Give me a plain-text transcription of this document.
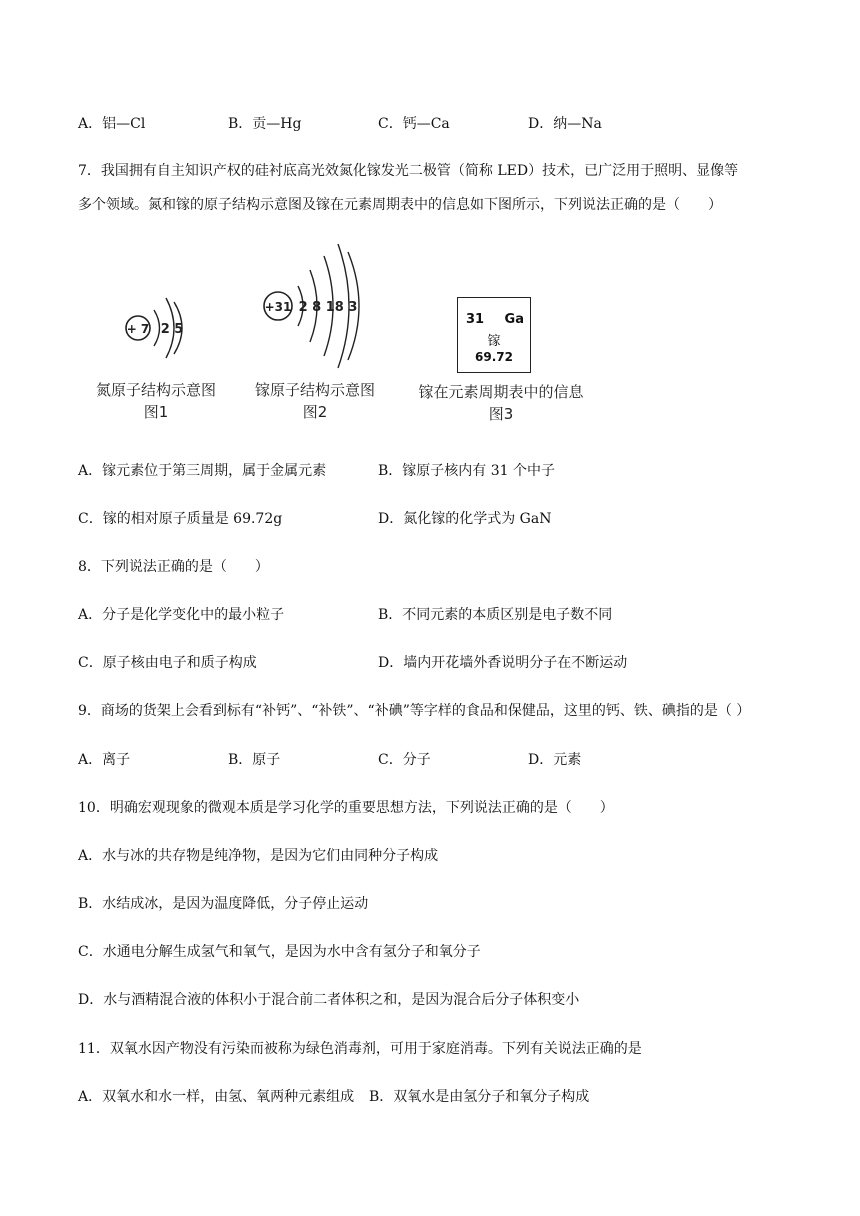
A．铝—Cl	B．贡—Hg	C．钙—Ca	D．纳—Na
7．我国拥有自主知识产权的硅衬底高光效氮化镓发光二极管（简称 LED）技术，已广泛用于照明、显像等
多个领域。氮和镓的原子结构示意图及镓在元素周期表中的信息如下图所示，下列说法正确的是（　　）
+ 7 2 5
氮原子结构示意图
图1
+31 2 8 18 3
镓原子结构示意图
图2
31 Ga
镓
69.72
镓在元素周期表中的信息
图3
A．镓元素位于第三周期，属于金属元素	B．镓原子核内有 31 个中子
C．镓的相对原子质量是 69.72g	D．氮化镓的化学式为 GaN
8．下列说法正确的是（　　）
A．分子是化学变化中的最小粒子	B．不同元素的本质区别是电子数不同
C．原子核由电子和质子构成	D．墙内开花墙外香说明分子在不断运动
9．商场的货架上会看到标有“补钙”、“补铁”、“补碘”等字样的食品和保健品，这里的钙、铁、碘指的是（ ）
A．离子	B．原子	C．分子	D．元素
10．明确宏观现象的微观本质是学习化学的重要思想方法，下列说法正确的是（　　）
A．水与冰的共存物是纯净物，是因为它们由同种分子构成
B．水结成冰，是因为温度降低，分子停止运动
C．水通电分解生成氢气和氧气，是因为水中含有氢分子和氧分子
D．水与酒精混合液的体积小于混合前二者体积之和，是因为混合后分子体积变小
11．双氧水因产物没有污染而被称为绿色消毒剂，可用于家庭消毒。下列有关说法正确的是
A．双氧水和水一样，由氢、氧两种元素组成 B．双氧水是由氢分子和氧分子构成
